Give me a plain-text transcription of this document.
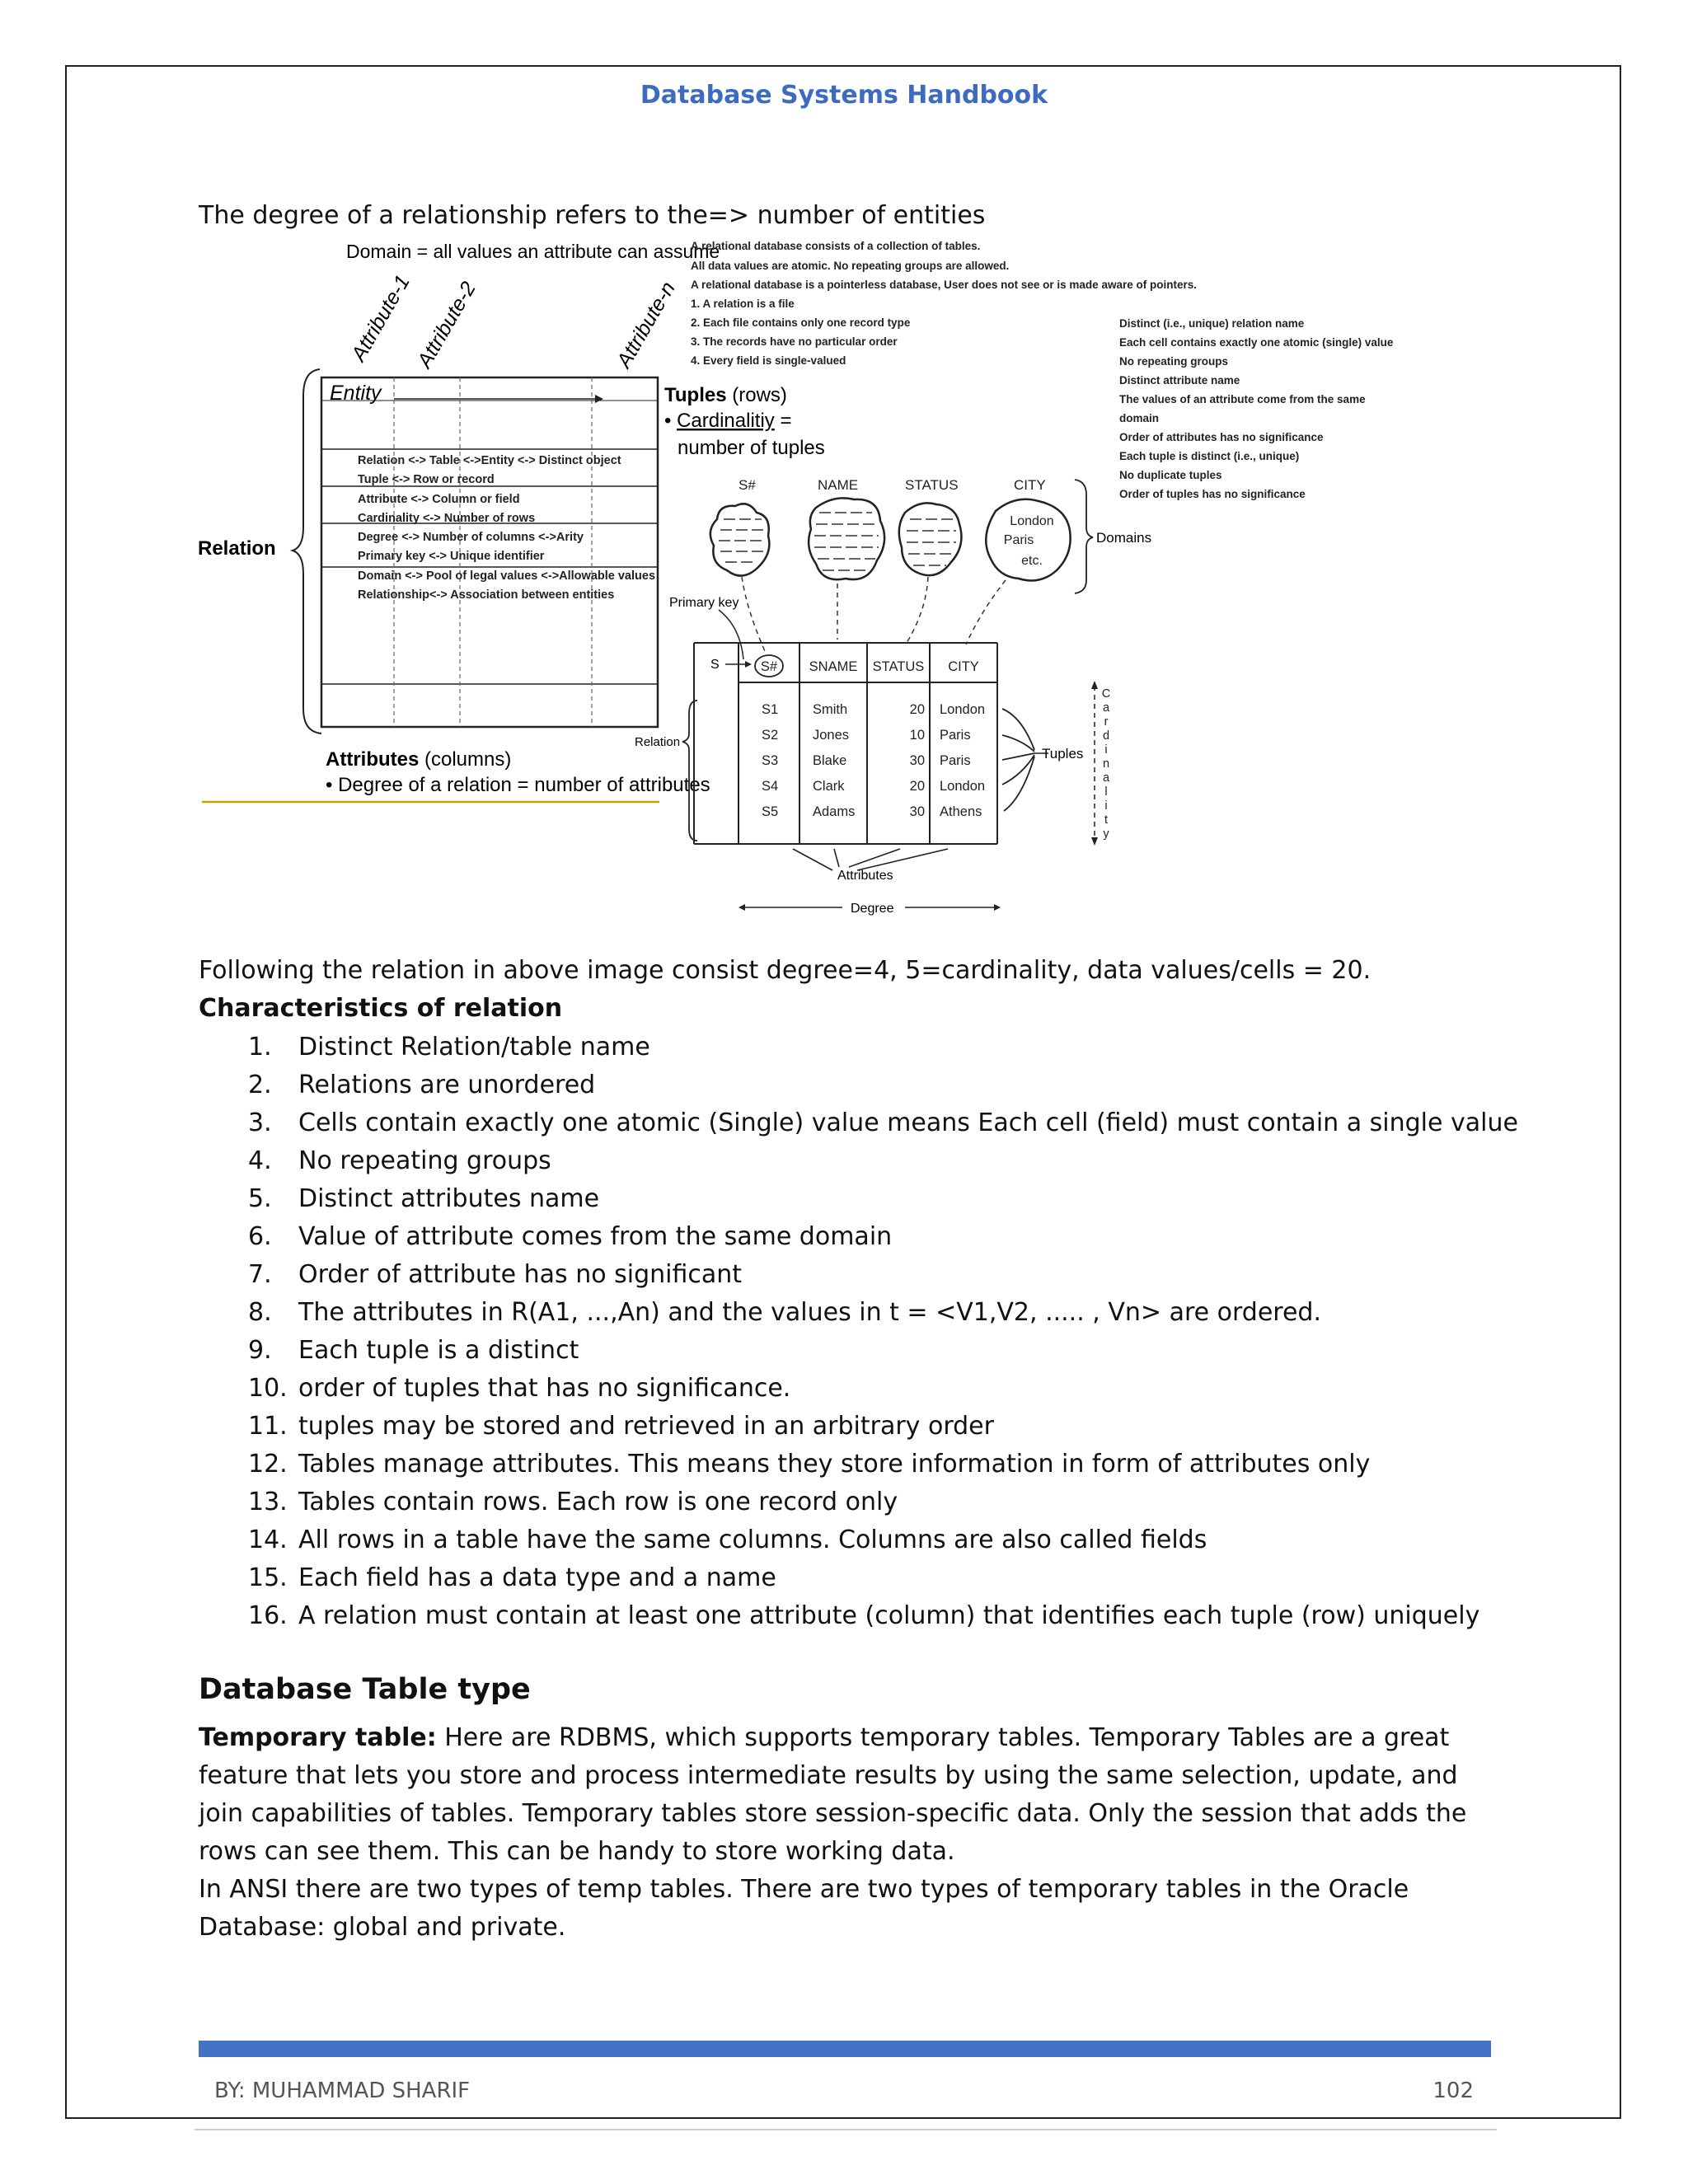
Database Systems Handbook
The degree of a relationship refers to the=> number of entities
Domain = all values an attribute can assume
A relational database consists of a collection of tables.
All data values are atomic. No repeating groups are allowed.
A relational database is a pointerless database, User does not see or is made aware of pointers.
1. A relation is a file
2. Each file contains only one record type
3. The records have no particular order
4. Every field is single-valued
Distinct (i.e., unique) relation name
Each cell contains exactly one atomic (single) value
No repeating groups
Distinct attribute name
The values of an attribute come from the same
domain
Order of attributes has no significance
Each tuple is distinct (i.e., unique)
No duplicate tuples
Order of tuples has no significance
Attribute-1
Attribute-2	Attribute-n
Relation
Entity
Relation <-> Table <->Entity <-> Distinct object
Tuple <-> Row or record
Attribute <-> Column or field
Cardinality <-> Number of rows
Degree <-> Number of columns <->Arity
Primary key <-> Unique identifier
Domain <-> Pool of legal values <->Allowable values
Relationship<-> Association between entities
Tuples (rows)
• Cardinalitiy =
number of tuples
Attributes (columns)
• Degree of a relation = number of attributes
S#	NAME	STATUS	CITY
London
Paris
etc.
Domains
Primary key
S	S# SNAME STATUS CITY
S1	Smith	20 London
S2	Jones	10 Paris
S3	Blake	30 Paris
S4	Clark	20 London
S5	Adams	30 Athens
Relation
Tuples
C
a
r
d
i
n
a
l
i
t
y
Attributes
Degree
Following the relation in above image consist degree=4, 5=cardinality, data values/cells = 20.
Characteristics of relation
1.	Distinct Relation/table name
2.	Relations are unordered
3.	Cells contain exactly one atomic (Single) value means Each cell (field) must contain a single value
4.	No repeating groups
5.	Distinct attributes name
6.	Value of attribute comes from the same domain
7.	Order of attribute has no significant
8.	The attributes in R(A1, ...,An) and the values in t = <V1,V2, ..... , Vn> are ordered.
9.	Each tuple is a distinct
10. order of tuples that has no significance.
11. tuples may be stored and retrieved in an arbitrary order
12. Tables manage attributes. This means they store information in form of attributes only
13. Tables contain rows. Each row is one record only
14. All rows in a table have the same columns. Columns are also called fields
15. Each field has a data type and a name
16. A relation must contain at least one attribute (column) that identifies each tuple (row) uniquely
Database Table type
Temporary table: Here are RDBMS, which supports temporary tables. Temporary Tables are a great feature that lets you store and process intermediate results by using the same selection, update, and join capabilities of tables. Temporary tables store session-specific data. Only the session that adds the rows can see them. This can be handy to store working data.
In ANSI there are two types of temp tables. There are two types of temporary tables in the Oracle Database: global and private.
BY: MUHAMMAD SHARIF	102
